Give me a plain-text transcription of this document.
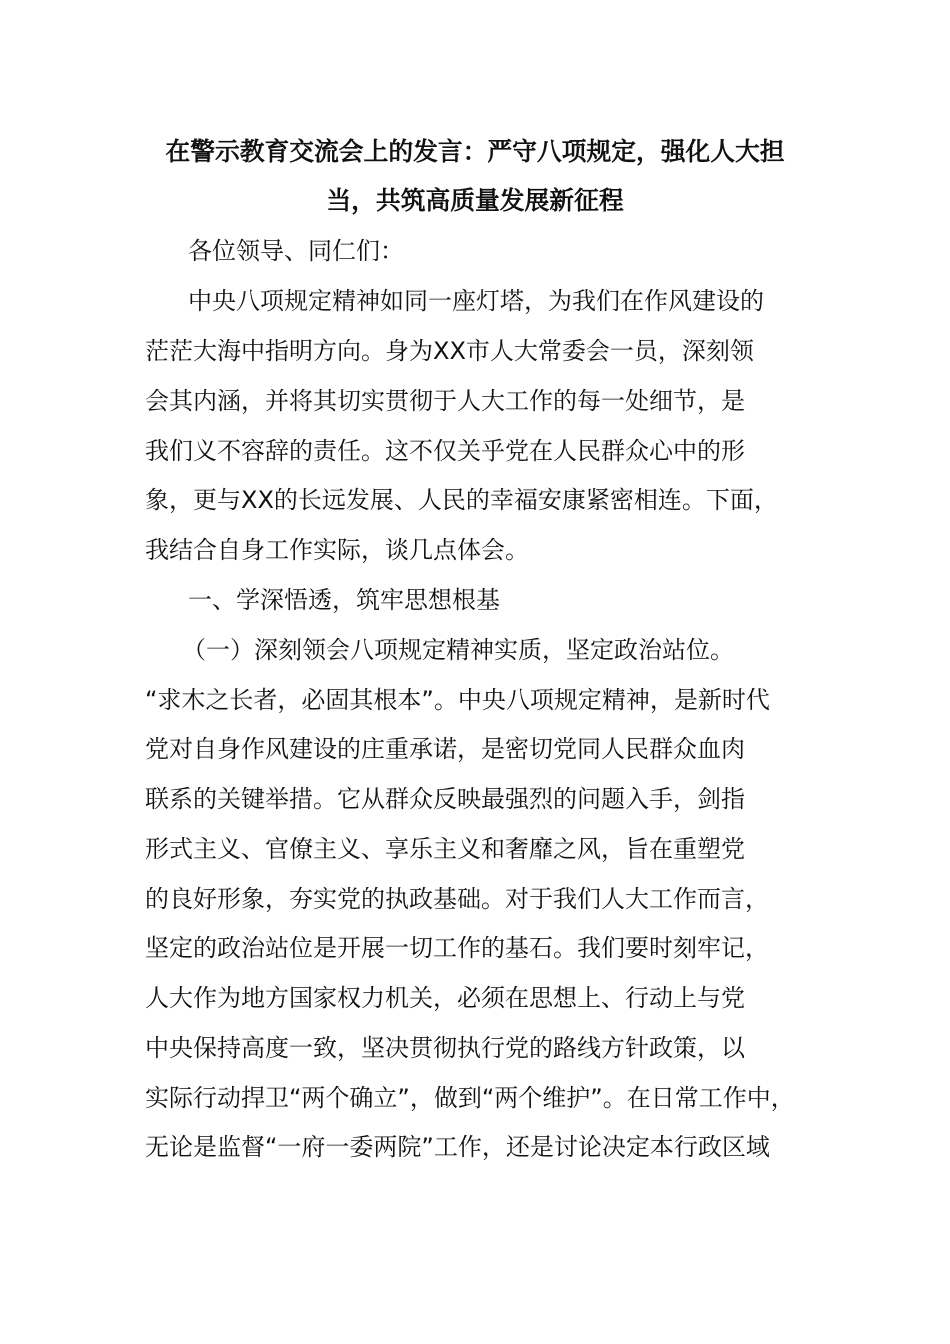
在警示教育交流会上的发言：严守八项规定，强化人大担
当，共筑高质量发展新征程
各位领导、同仁们：
中央八项规定精神如同一座灯塔，为我们在作风建设的
茫茫大海中指明方向。身为XX市人大常委会一员，深刻领
会其内涵，并将其切实贯彻于人大工作的每一处细节，是
我们义不容辞的责任。这不仅关乎党在人民群众心中的形
象，更与XX的长远发展、人民的幸福安康紧密相连。下面，
我结合自身工作实际，谈几点体会。
一、学深悟透，筑牢思想根基
（一）深刻领会八项规定精神实质，坚定政治站位。
“求木之长者，必固其根本”。中央八项规定精神，是新时代
党对自身作风建设的庄重承诺，是密切党同人民群众血肉
联系的关键举措。它从群众反映最强烈的问题入手，剑指
形式主义、官僚主义、享乐主义和奢靡之风，旨在重塑党
的良好形象，夯实党的执政基础。对于我们人大工作而言，
坚定的政治站位是开展一切工作的基石。我们要时刻牢记，
人大作为地方国家权力机关，必须在思想上、行动上与党
中央保持高度一致，坚决贯彻执行党的路线方针政策，以
实际行动捍卫“两个确立”，做到“两个维护”。在日常工作中，
无论是监督“一府一委两院”工作，还是讨论决定本行政区域
